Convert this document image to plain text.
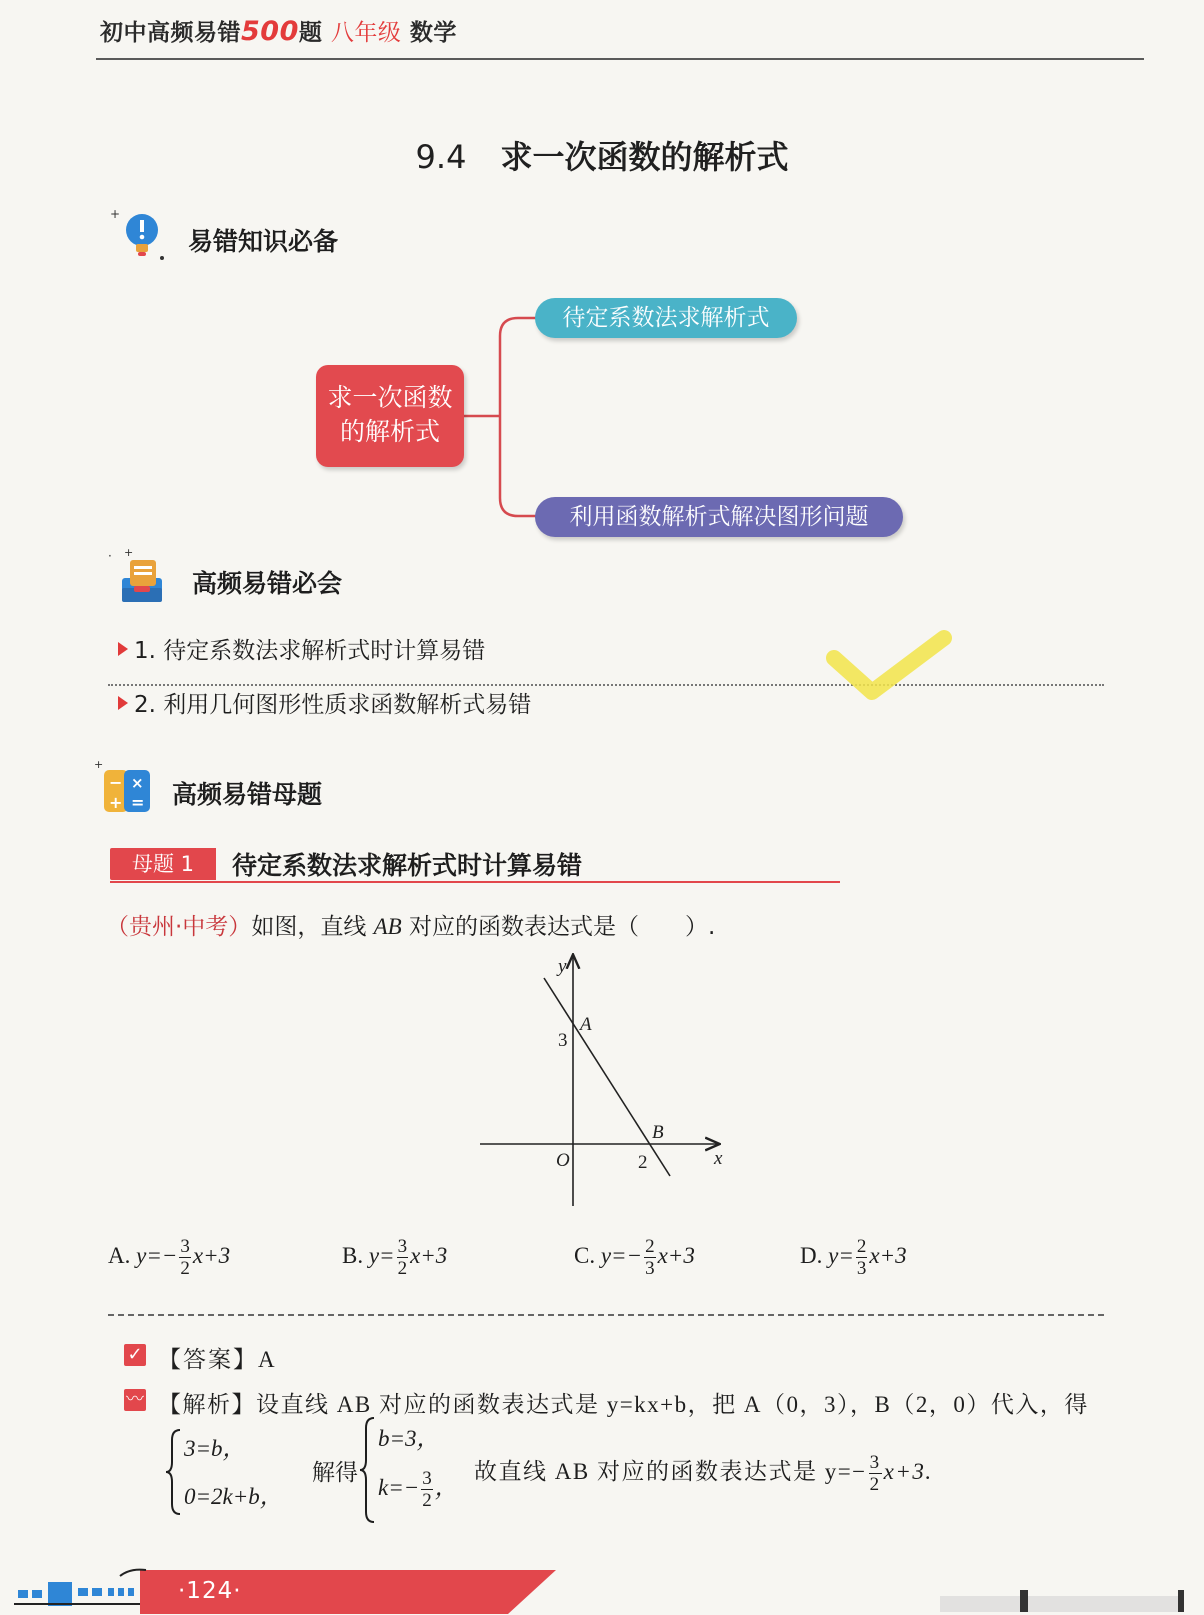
初中高频易错500题 八年级 数学
9.4 求一次函数的解析式
+
易错知识必备
求一次函数
的解析式
待定系数法求解析式
利用函数解析式解决图形问题
· +
高频易错必会
1. 待定系数法求解析式时计算易错
2. 利用几何图形性质求函数解析式易错
+
−
+
×
= 高频易错母题
母题 1	待定系数法求解析式时计算易错
（贵州·中考）如图，直线 AB 对应的函数表达式是（　　）.
y
x
O
A
B
3
2
A. $y=- \frac{3}{2} x+3$	B. $y= \frac{3}{2} x+3$	C. $y=- \frac{2}{3} x+3$	D. $y= \frac{2}{3} x+3$
✓ 【答案】A
〰 【解析】设直线 AB 对应的函数表达式是 y=kx+b，把 A（0，3），B（2，0）代入，得
3=b，
0=2k+b，
解得
b=3，
$k=- \frac{3}{2}$ ，
故直线 AB 对应的函数表达式是 $y=- \frac{3}{2} x+3$.
·124·
